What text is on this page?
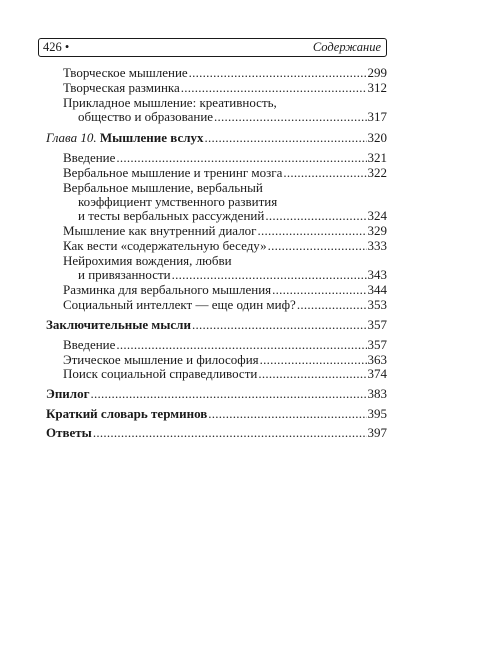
426 •	Содержание
Творческое мышление . . .	299
Творческая разминка . . .	312
Прикладное мышление: креативность,
общество и образование . . .	317
Глава 10. Мышление вслух . . .	320
Введение . . .	321
Вербальное мышление и тренинг мозга . . .	322
Вербальное мышление, вербальный
коэффициент умственного развития
и тесты вербальных рассуждений . . .	324
Мышление как внутренний диалог . . .	329
Как вести «содержательную беседу» . . .	333
Нейрохимия вождения, любви
и привязанности . . .	343
Разминка для вербального мышления . . .	344
Социальный интеллект — еще один миф? . . .	353
Заключительные мысли . . .	357
Введение . . .	357
Этическое мышление и философия . . .	363
Поиск социальной справедливости . . .	374
Эпилог . . .	383
Краткий словарь терминов . . .	395
Ответы . . .	397
